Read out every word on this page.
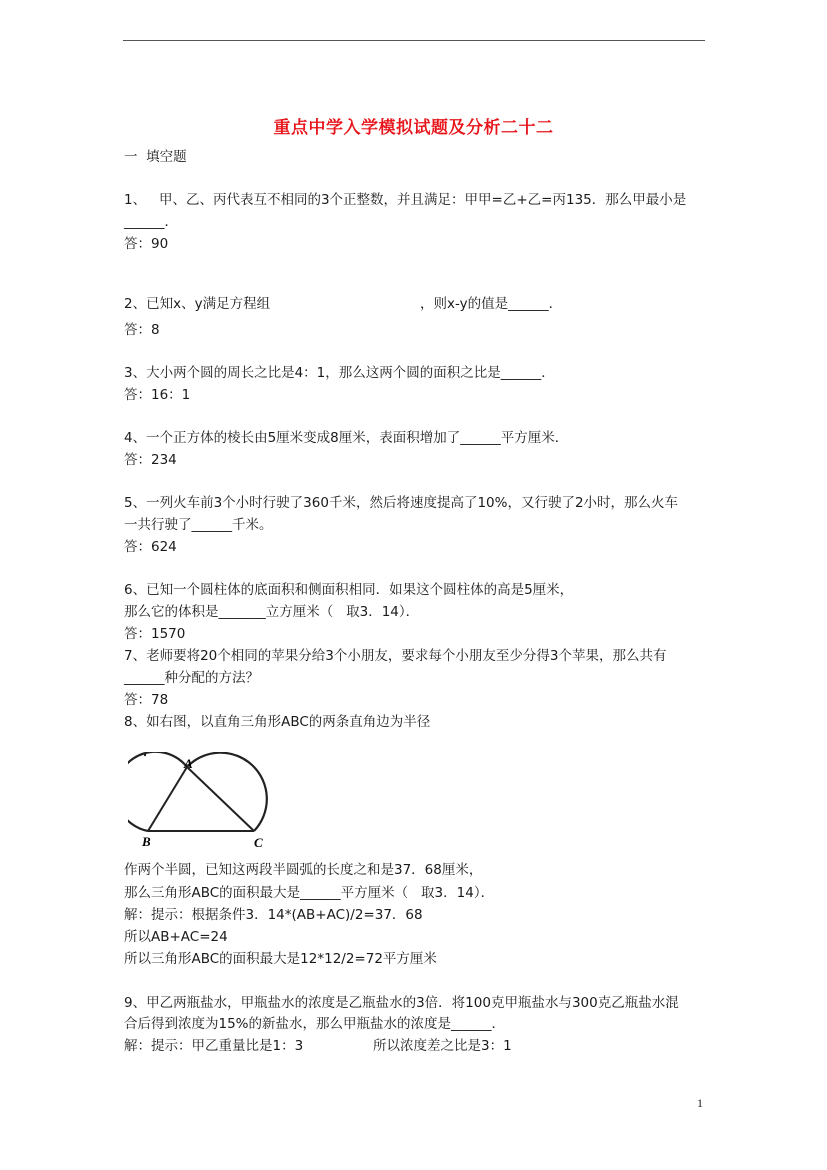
重点中学入学模拟试题及分析二十二
一  填空题
1、   甲、乙、丙代表互不相同的3个正整数，并且满足：甲甲=乙+乙=丙135．那么甲最小是
______．
答：90
2、已知x、y满足方程组	，则x-y的值是______．
答：8
3、大小两个圆的周长之比是4：1，那么这两个圆的面积之比是______．
答：16：1
4、一个正方体的棱长由5厘米变成8厘米，表面积增加了______平方厘米．
答：234
5、一列火车前3个小时行驶了360千米，然后将速度提高了10%，又行驶了2小时，那么火车
一共行驶了______千米。
答：624
6、已知一个圆柱体的底面积和侧面积相同．如果这个圆柱体的高是5厘米，
那么它的体积是_______立方厘米（   取3．14）．
答：1570
7、老师要将20个相同的苹果分给3个小朋友，要求每个小朋友至少分得3个苹果，那么共有
______种分配的方法？
答：78
8、如右图，以直角三角形ABC的两条直角边为半径
A
B	C
作两个半圆，已知这两段半圆弧的长度之和是37．68厘米，
那么三角形ABC的面积最大是______平方厘米（   取3．14）．
解：提示：根据条件3．14*(AB+AC)/2=37．68
所以AB+AC=24
所以三角形ABC的面积最大是12*12/2=72平方厘米
9、甲乙两瓶盐水，甲瓶盐水的浓度是乙瓶盐水的3倍．将100克甲瓶盐水与300克乙瓶盐水混
合后得到浓度为15%的新盐水，那么甲瓶盐水的浓度是______．
解：提示：甲乙重量比是1：3	所以浓度差之比是3：1
1
